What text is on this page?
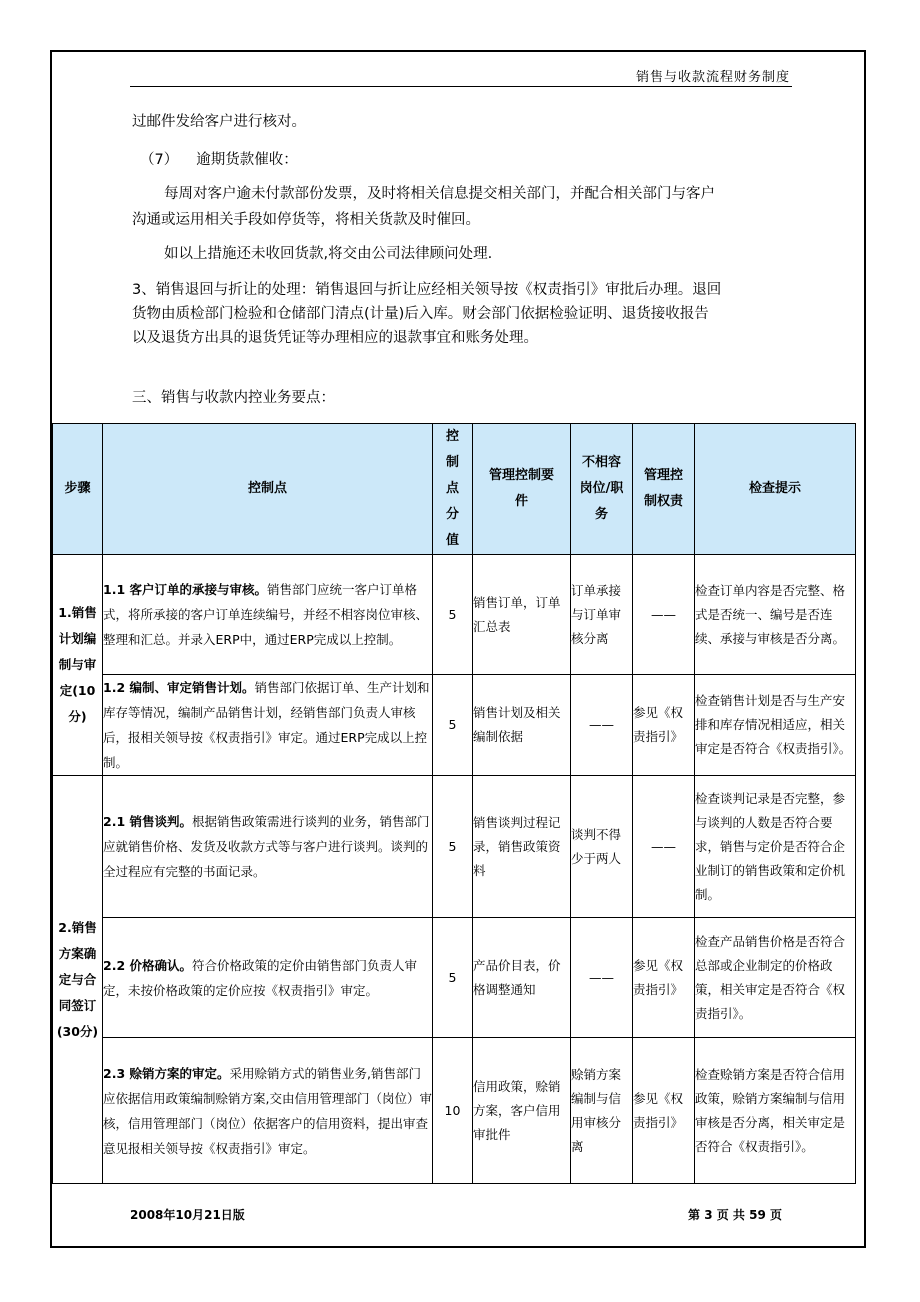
销售与收款流程财务制度

过邮件发给客户进行核对。

（7） 逾期货款催收：

每周对客户逾未付款部份发票，及时将相关信息提交相关部门，并配合相关部门与客户

沟通或运用相关手段如停货等，将相关货款及时催回。

如以上措施还未收回货款,将交由公司法律顾问处理.

3、销售退回与折让的处理：销售退回与折让应经相关领导按《权责指引》审批后办理。退回

货物由质检部门检验和仓储部门清点(计量)后入库。财会部门依据检验证明、退货接收报告

以及退货方出具的退货凭证等办理相应的退款事宜和账务处理。

三、销售与收款内控业务要点：

步骤	控制点	控制点分值	管理控制要件	不相容岗位/职务	管理控制权责	检查提示
1.销售计划编制与审定(10分)	1.1 客户订单的承接与审核。销售部门应统一客户订单格式，将所承接的客户订单连续编号，并经不相容岗位审核、整理和汇总。并录入ERP中，通过ERP完成以上控制。	5	销售订单，订单汇总表	订单承接与订单审核分离	——	检查订单内容是否完整、格式是否统一、编号是否连续、承接与审核是否分离。
	1.2 编制、审定销售计划。销售部门依据订单、生产计划和库存等情况，编制产品销售计划，经销售部门负责人审核后，报相关领导按《权责指引》审定。通过ERP完成以上控制。	5	销售计划及相关编制依据	——	参见《权责指引》	检查销售计划是否与生产安排和库存情况相适应，相关审定是否符合《权责指引》。
2.销售方案确定与合同签订(30分)	2.1 销售谈判。根据销售政策需进行谈判的业务，销售部门应就销售价格、发货及收款方式等与客户进行谈判。谈判的全过程应有完整的书面记录。	5	销售谈判过程记录，销售政策资料	谈判不得少于两人	——	检查谈判记录是否完整，参与谈判的人数是否符合要求，销售与定价是否符合企业制订的销售政策和定价机制。
	2.2 价格确认。符合价格政策的定价由销售部门负责人审定，未按价格政策的定价应按《权责指引》审定。	5	产品价目表，价格调整通知	——	参见《权责指引》	检查产品销售价格是否符合总部或企业制定的价格政策，相关审定是否符合《权责指引》。
	2.3 赊销方案的审定。采用赊销方式的销售业务,销售部门应依据信用政策编制赊销方案,交由信用管理部门（岗位）审核，信用管理部门（岗位）依据客户的信用资料，提出审查意见报相关领导按《权责指引》审定。	10	信用政策，赊销方案，客户信用审批件	赊销方案编制与信用审核分离	参见《权责指引》	检查赊销方案是否符合信用政策，赊销方案编制与信用审核是否分离，相关审定是否符合《权责指引》。
2008年10月21日版	第 3 页 共 59 页
